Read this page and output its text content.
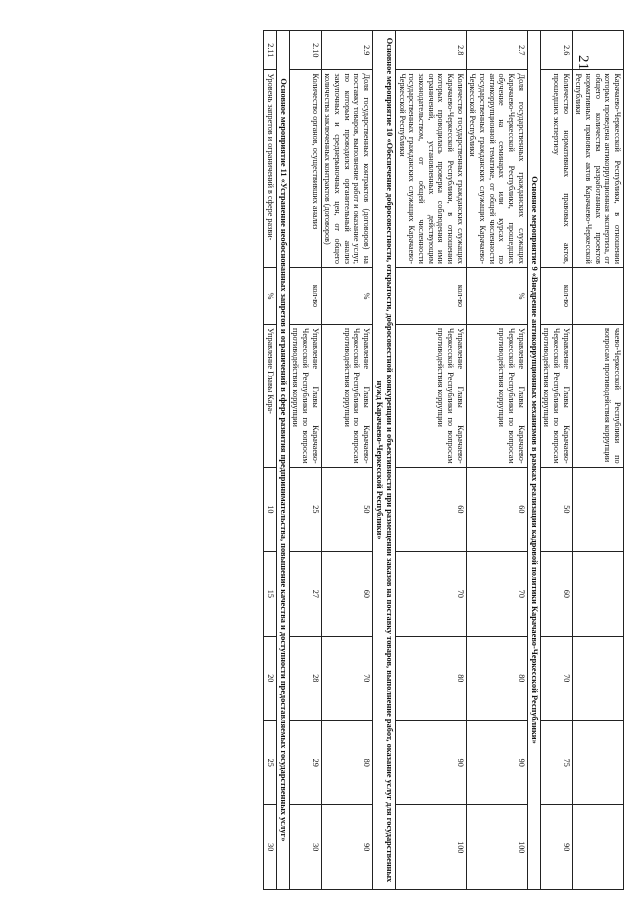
21
	Карачаево-Черкесской Республики, в отношении которых проведена антикоррупционная экспертиза, от общего количества разработанных проектов нормативных правовых актов Карачаево-Черкесской Республики		чаево-Черкесской Республики по вопросам противодействия коррупции					
2.6	Количество нормативных правовых актов, прошедших экспертизу	кол-во	Управление Главы Карачаево-Черкесской Республики по вопросам противодействия коррупции	50	60	70	75	90
Основное мероприятие 9 «Внедрение антикоррупционных механизмов в рамках реализации кадровой политики Карачаево-Черкесской Республики»								
2.7	Доля государственных гражданских служащих Карачаево-Черкесской Республики, прошедших обучение на семинарах или курсах по антикоррупционной тематике, от общей численности государственных гражданских служащих Карачаево-Черкесской Республики	%	Управление Главы Карачаево-Черкесской Республики по вопросам противодействия коррупции	60	70	80	90	100
2.8	Количество государственных гражданских служащих Карачаево-Черкесской Республики, в отношении которых проводилась проверка соблюдения ими ограничений, установленных действующим законодательством, от общей численности государственных гражданских служащих Карачаево-Черкесской Республики	кол-во	Управление Главы Карачаево-Черкесской Республики по вопросам противодействия коррупции	60	70	80	90	100
Основное мероприятие 10 «Обеспечение добросовестности, открытости, добросовестной конкуренции и объективности при размещении заказов на поставку товаров, выполнение работ, оказание услуг для государственных нужд Карачаево-Черкесской Республики»								
2.9	Доля государственных контрактов (договоров) на поставку товаров, выполнение работ и оказание услуг, по которым проводился органительный анализ закупочных и среднерыночных цен, от общего количества заключенных контрактов (договоров)	%	Управление Главы Карачаево-Черкесской Республики по вопросам противодействия коррупции	50	60	70	80	90
2.10	Количество органов, осуществивших анализ	кол-во	Управление Главы Карачаево-Черкесской Республики по вопросам противодействия коррупции	25	27	28	29	30
Основное мероприятие 11 «Устранение необоснованных запретов и ограничений в сфере развития предпринимательства, повышение качества и доступности предоставляемых государственных услуг»								
2.11	Уровень запретов и ограничений в сфере разви-	%	Управление Главы Кара-	10	15	20	25	30
